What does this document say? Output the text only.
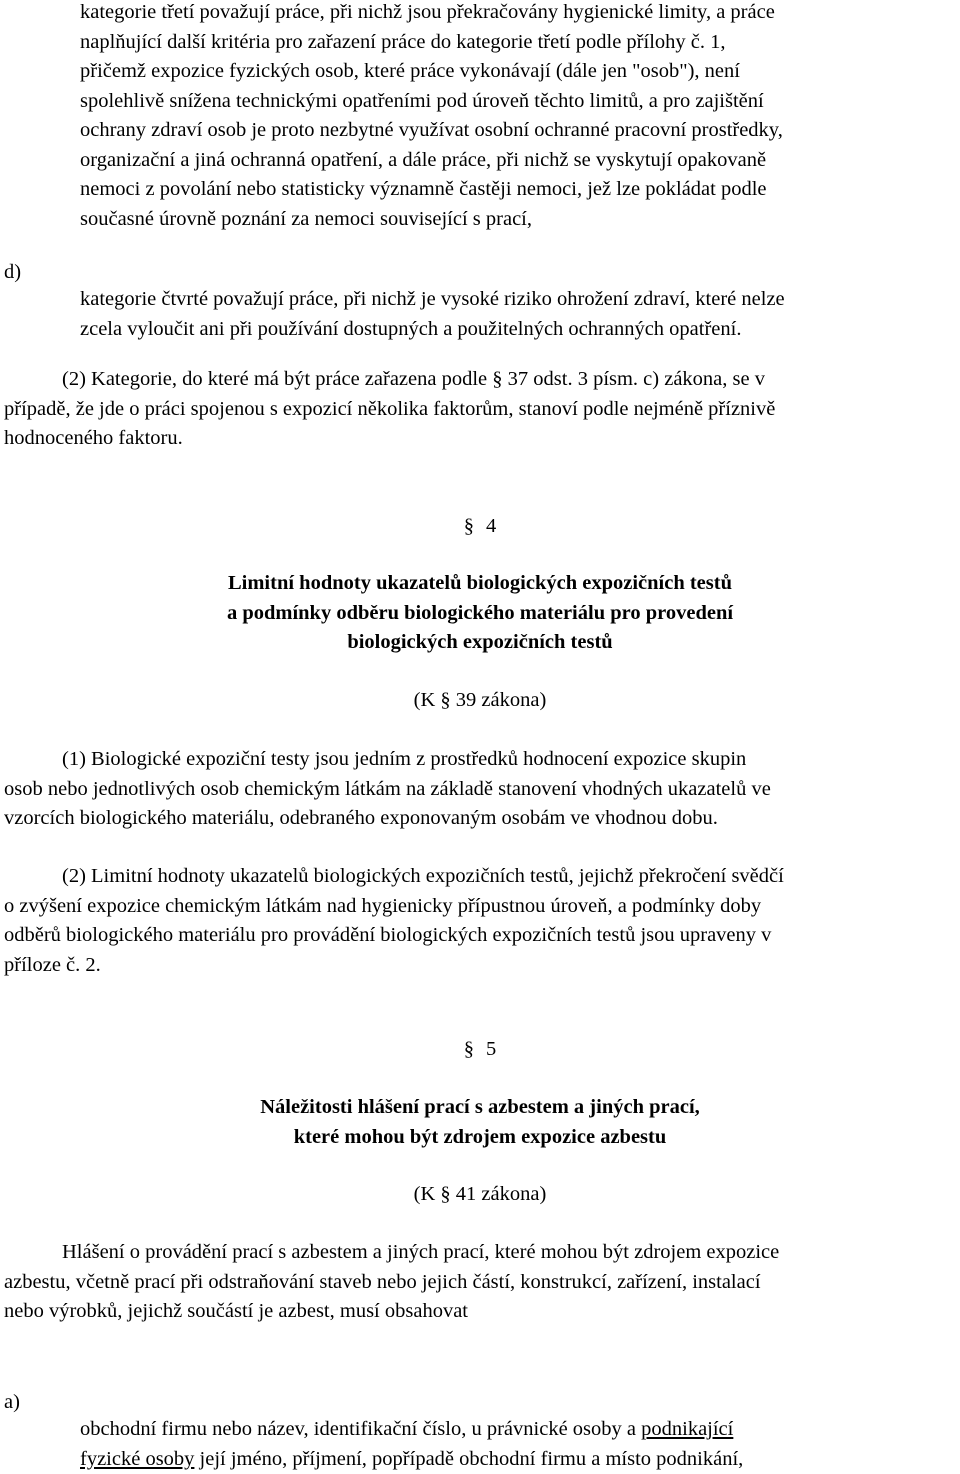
kategorie třetí považují práce, při nichž jsou překračovány hygienické limity, a práce
naplňující další kritéria pro zařazení práce do kategorie třetí podle přílohy č. 1,
přičemž expozice fyzických osob, které práce vykonávají (dále jen "osob"), není
spolehlivě snížena technickými opatřeními pod úroveň těchto limitů, a pro zajištění
ochrany zdraví osob je proto nezbytné využívat osobní ochranné pracovní prostředky,
organizační a jiná ochranná opatření, a dále práce, při nichž se vyskytují opakovaně
nemoci z povolání nebo statisticky významně častěji nemoci, jež lze pokládat podle
současné úrovně poznání za nemoci související s prací,
d)
kategorie čtvrté považují práce, při nichž je vysoké riziko ohrožení zdraví, které nelze
zcela vyloučit ani při používání dostupných a použitelných ochranných opatření.
(2) Kategorie, do které má být práce zařazena podle § 37 odst. 3 písm. c) zákona, se v
případě, že jde o práci spojenou s expozicí několika faktorům, stanoví podle nejméně příznivě
hodnoceného faktoru.
§ 4
Limitní hodnoty ukazatelů biologických expozičních testů
a podmínky odběru biologického materiálu pro provedení
biologických expozičních testů
(K § 39 zákona)
(1) Biologické expoziční testy jsou jedním z prostředků hodnocení expozice skupin
osob nebo jednotlivých osob chemickým látkám na základě stanovení vhodných ukazatelů ve
vzorcích biologického materiálu, odebraného exponovaným osobám ve vhodnou dobu.
(2) Limitní hodnoty ukazatelů biologických expozičních testů, jejichž překročení svědčí
o zvýšení expozice chemickým látkám nad hygienicky přípustnou úroveň, a podmínky doby
odběrů biologického materiálu pro provádění biologických expozičních testů jsou upraveny v
příloze č. 2.
§ 5
Náležitosti hlášení prací s azbestem a jiných prací,
které mohou být zdrojem expozice azbestu
(K § 41 zákona)
Hlášení o provádění prací s azbestem a jiných prací, které mohou být zdrojem expozice
azbestu, včetně prací při odstraňování staveb nebo jejich částí, konstrukcí, zařízení, instalací
nebo výrobků, jejichž součástí je azbest, musí obsahovat
a)
obchodní firmu nebo název, identifikační číslo, u právnické osoby a podnikající
fyzické osoby její jméno, příjmení, popřípadě obchodní firmu a místo podnikání,
